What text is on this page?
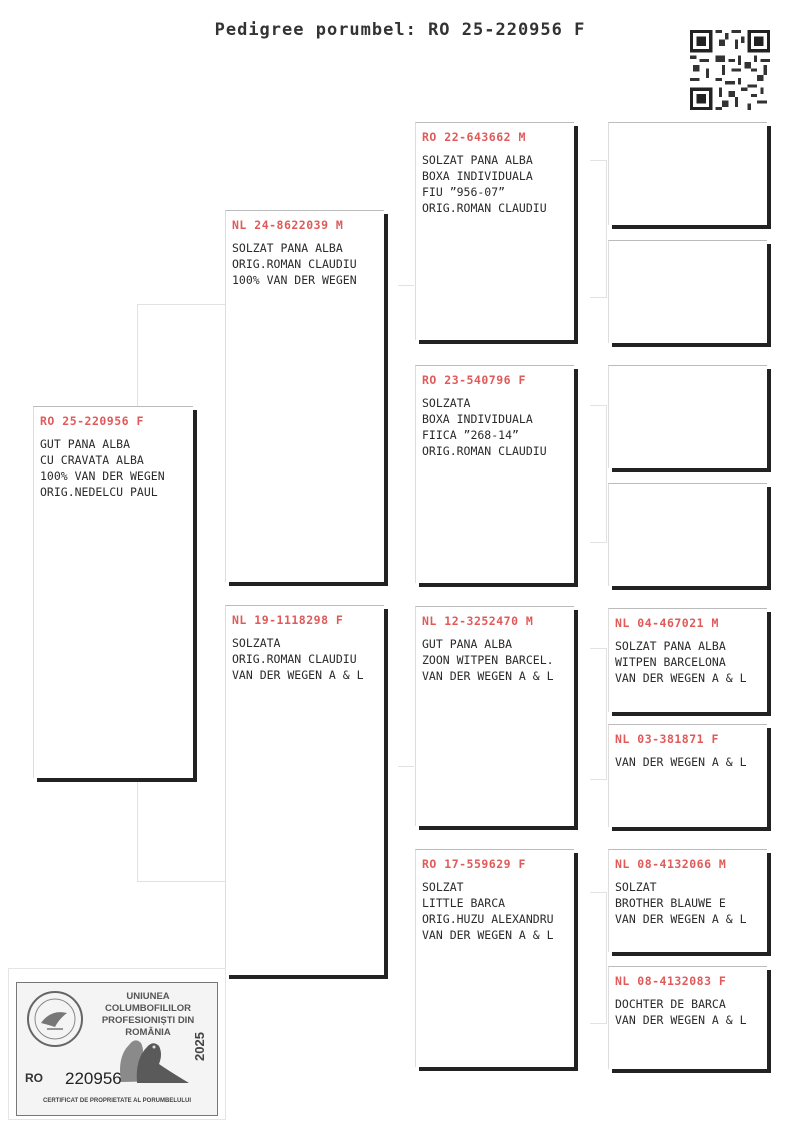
Pedigree porumbel: RO 25-220956 F
RO 25-220956 F
GUT PANA ALBA
CU CRAVATA ALBA
100% VAN DER WEGEN
ORIG.NEDELCU PAUL
NL 24-8622039 M
SOLZAT PANA ALBA
ORIG.ROMAN CLAUDIU
100% VAN DER WEGEN
NL 19-1118298 F
SOLZATA
ORIG.ROMAN CLAUDIU
VAN DER WEGEN A & L
RO 22-643662 M
SOLZAT PANA ALBA
BOXA INDIVIDUALA
FIU ”956-07”
ORIG.ROMAN CLAUDIU
RO 23-540796 F
SOLZATA
BOXA INDIVIDUALA
FIICA ”268-14”
ORIG.ROMAN CLAUDIU
NL 12-3252470 M
GUT PANA ALBA
ZOON WITPEN BARCEL.
VAN DER WEGEN A & L
RO 17-559629 F
SOLZAT
LITTLE BARCA
ORIG.HUZU ALEXANDRU
VAN DER WEGEN A & L
NL 04-467021 M
SOLZAT PANA ALBA
WITPEN BARCELONA
VAN DER WEGEN A & L
NL 03-381871 F
VAN DER WEGEN A & L
NL 08-4132066 M
SOLZAT
BROTHER BLAUWE E
VAN DER WEGEN A & L
NL 08-4132083 F
DOCHTER DE BARCA
VAN DER WEGEN A & L
UNIUNEA COLUMBOFILILOR
PROFESIONIȘTI DIN ROMÂNIA
RO 220956
2025
CERTIFICAT DE PROPRIETATE AL PORUMBELULUI
